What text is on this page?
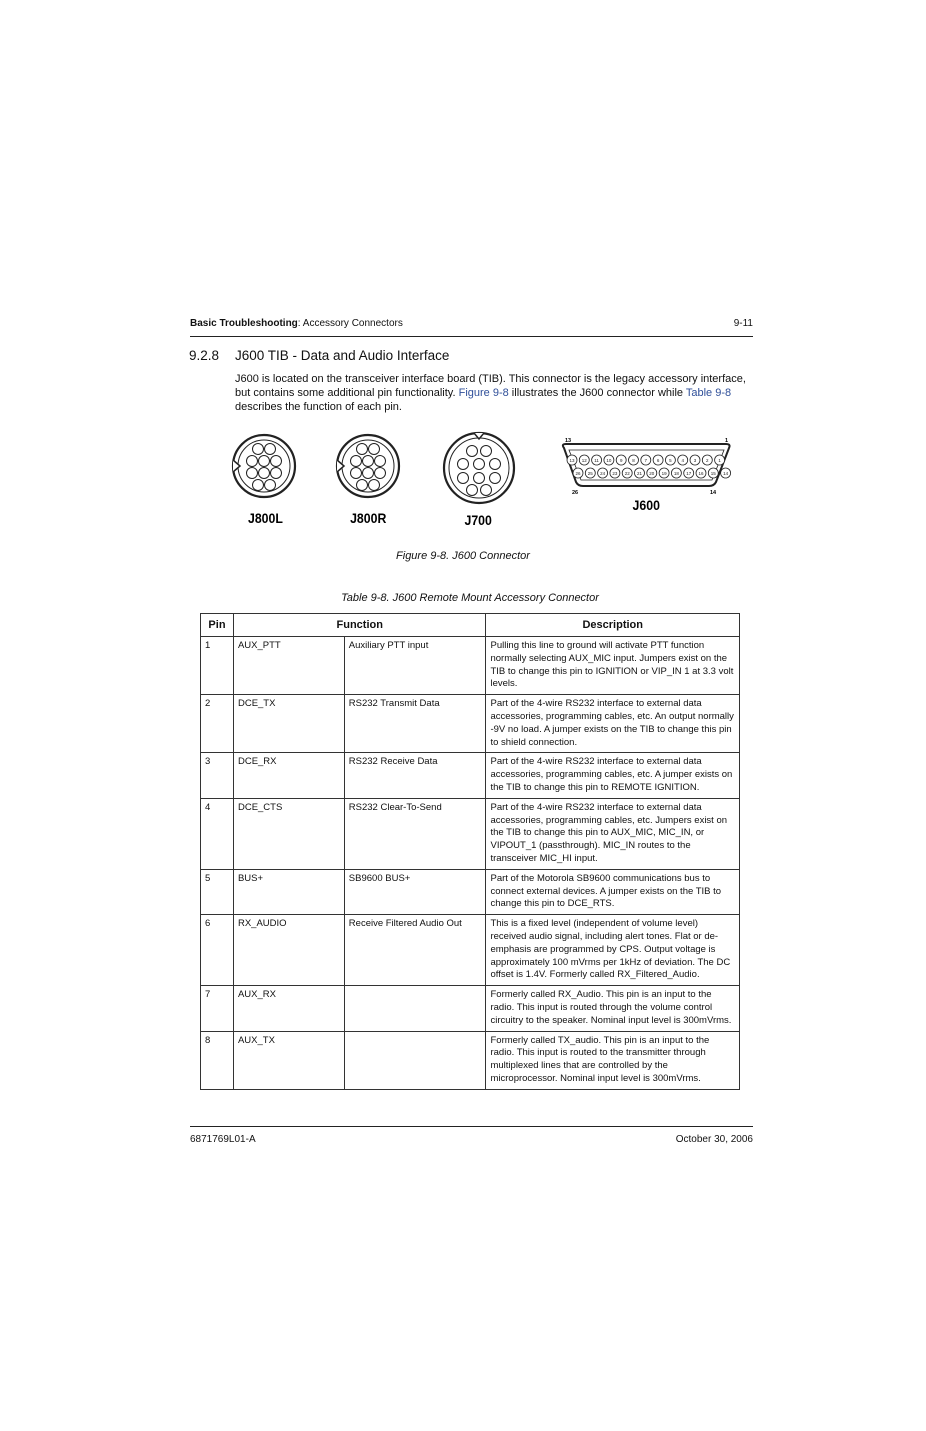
Basic Troubleshooting: Accessory Connectors	9-11
9.2.8 J600 TIB - Data and Audio Interface
J600 is located on the transceiver interface board (TIB). This connector is the legacy accessory interface, but contains some additional pin functionality. Figure 9-8 illustrates the J600 connector while Table 9-8 describes the function of each pin.
J800L	J800R	J700
13 12 11 10 9 8 7 6 5 4 3 2 1
26 25 24 23 22 21 20 19 18 17 16 15 14
13	1
26	14
J600
Figure 9-8. J600 Connector
Table 9-8. J600 Remote Mount Accessory Connector
Pin	Function		Description
1	AUX_PTT	Auxiliary PTT input	Pulling this line to ground will activate PTT function normally selecting AUX_MIC input. Jumpers exist on the TIB to change this pin to IGNITION or VIP_IN 1 at 3.3 volt levels.
2	DCE_TX	RS232 Transmit Data	Part of the 4-wire RS232 interface to external data accessories, programming cables, etc. An output normally -9V no load. A jumper exists on the TIB to change this pin to shield connection.
3	DCE_RX	RS232 Receive Data	Part of the 4-wire RS232 interface to external data accessories, programming cables, etc. A jumper exists on the TIB to change this pin to REMOTE IGNITION.
4	DCE_CTS	RS232 Clear-To-Send	Part of the 4-wire RS232 interface to external data accessories, programming cables, etc. Jumpers exist on the TIB to change this pin to AUX_MIC, MIC_IN, or VIPOUT_1 (passthrough). MIC_IN routes to the transceiver MIC_HI input.
5	BUS+	SB9600 BUS+	Part of the Motorola SB9600 communications bus to connect external devices. A jumper exists on the TIB to change this pin to DCE_RTS.
6	RX_AUDIO	Receive Filtered Audio Out	This is a fixed level (independent of volume level) received audio signal, including alert tones. Flat or de-emphasis are programmed by CPS. Output voltage is approximately 100 mVrms per 1kHz of deviation. The DC offset is 1.4V. Formerly called RX_Filtered_Audio.
7	AUX_RX		Formerly called RX_Audio. This pin is an input to the radio. This input is routed through the volume control circuitry to the speaker. Nominal input level is 300mVrms.
8	AUX_TX		Formerly called TX_audio. This pin is an input to the radio. This input is routed to the transmitter through multiplexed lines that are controlled by the microprocessor. Nominal input level is 300mVrms.
6871769L01-A	October 30, 2006
